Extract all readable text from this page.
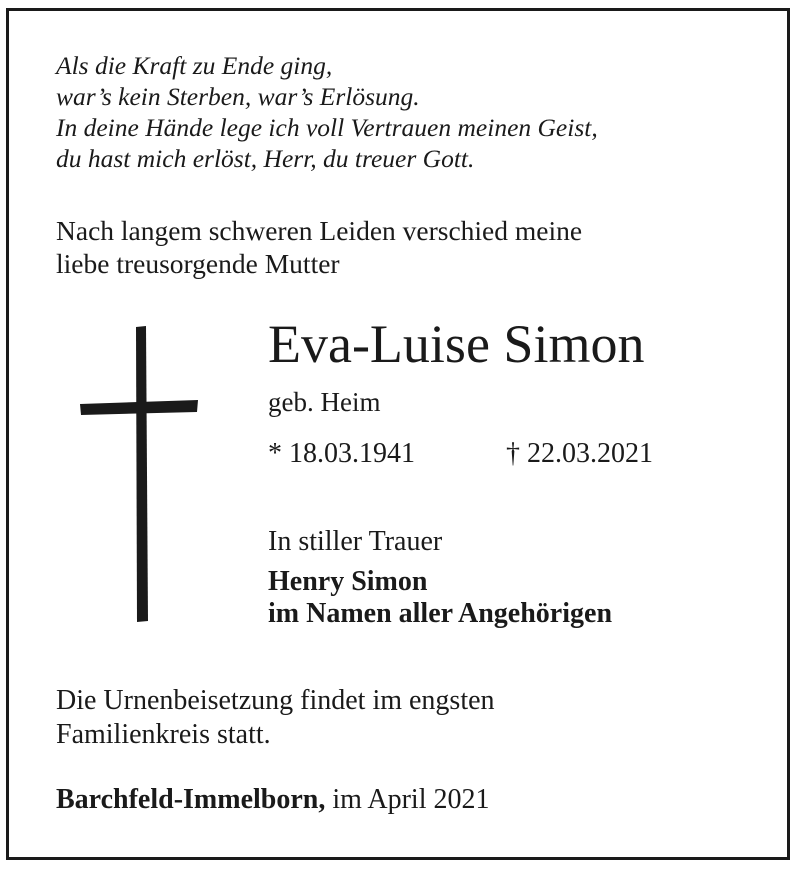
Als die Kraft zu Ende ging,
war’s kein Sterben, war’s Erlösung.
In deine Hände lege ich voll Vertrauen meinen Geist,
du hast mich erlöst, Herr, du treuer Gott.
Nach langem schweren Leiden verschied meine
liebe treusorgende Mutter
Eva-Luise Simon
geb. Heim
* 18.03.1941	† 22.03.2021
In stiller Trauer
Henry Simon
im Namen aller Angehörigen
Die Urnenbeisetzung findet im engsten
Familienkreis statt.
Barchfeld-Immelborn, im April 2021
